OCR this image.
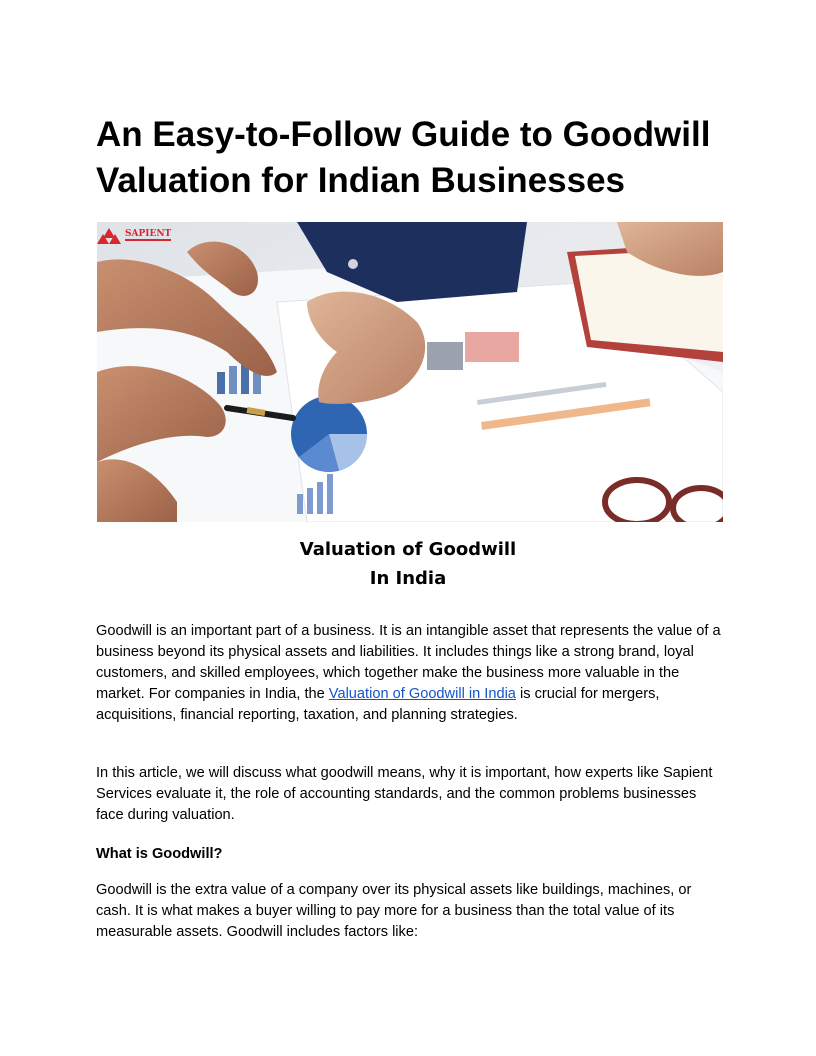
An Easy-to-Follow Guide to Goodwill Valuation for Indian Businesses
SAPIENT
Valuation of Goodwill
In India

Goodwill is an important part of a business. It is an intangible asset that represents the value of a business beyond its physical assets and liabilities. It includes things like a strong brand, loyal customers, and skilled employees, which together make the business more valuable in the market. For companies in India, the Valuation of Goodwill in India is crucial for mergers, acquisitions, financial reporting, taxation, and planning strategies.

In this article, we will discuss what goodwill means, why it is important, how experts like Sapient Services evaluate it, the role of accounting standards, and the common problems businesses face during valuation.

What is Goodwill?

Goodwill is the extra value of a company over its physical assets like buildings, machines, or cash. It is what makes a buyer willing to pay more for a business than the total value of its measurable assets. Goodwill includes factors like:
